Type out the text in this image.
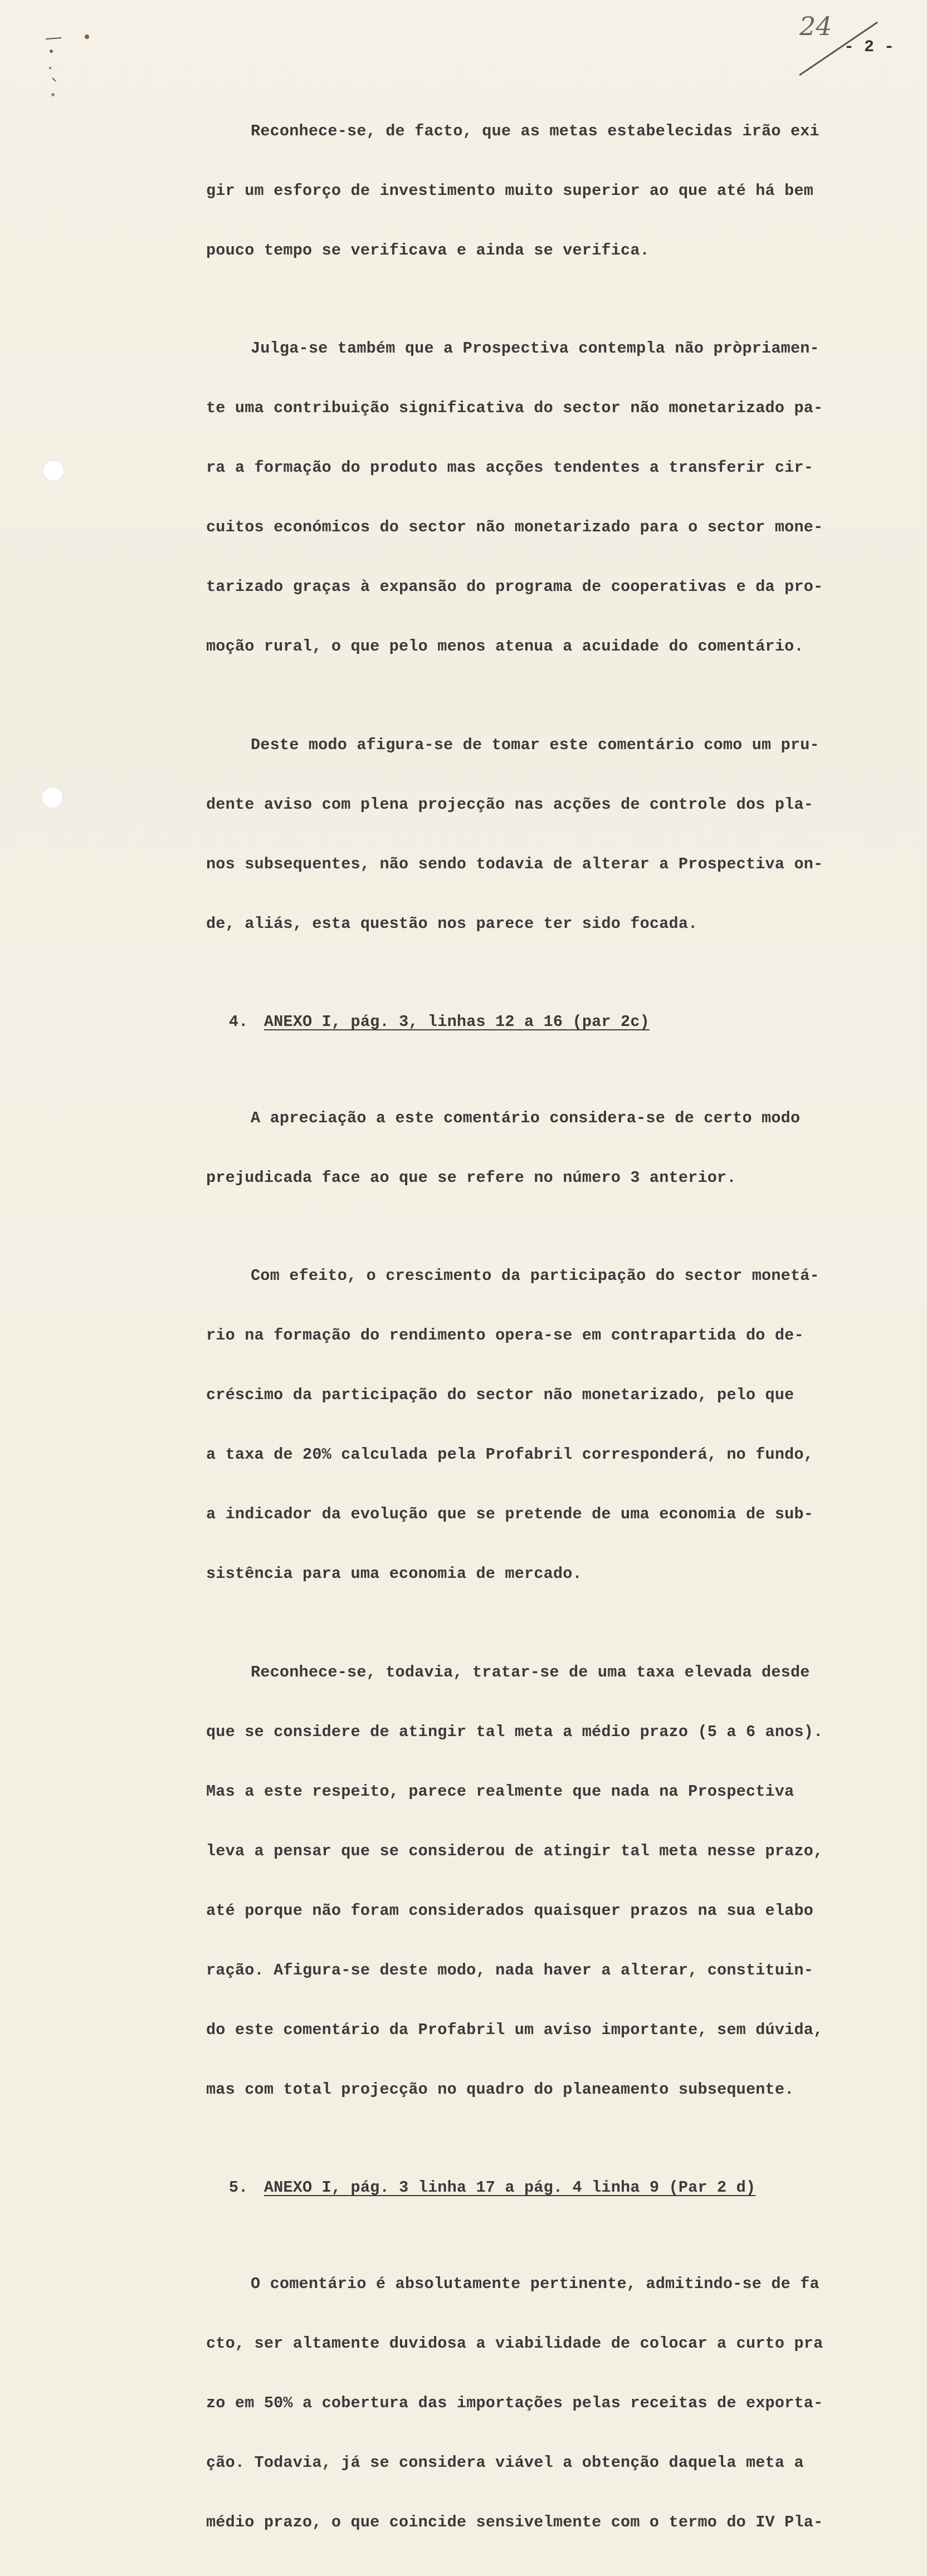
24
- 2 -

Reconhece-se, de facto, que as metas estabelecidas irão exi

gir um esforço de investimento muito superior ao que até há bem

pouco tempo se verificava e ainda se verifica.

Julga-se também que a Prospectiva contempla não pròpriamen-

te uma contribuição significativa do sector não monetarizado pa-

ra a formação do produto mas acções tendentes a transferir cir-

cuitos económicos do sector não monetarizado para o sector mone-

tarizado graças à expansão do programa de cooperativas e da pro-

moção rural, o que pelo menos atenua a acuidade do comentário.

Deste modo afigura-se de tomar este comentário como um pru-

dente aviso com plena projecção nas acções de controle dos pla-

nos subsequentes, não sendo todavia de alterar a Prospectiva on-

de, aliás, esta questão nos parece ter sido focada.

4. ANEXO I, pág. 3, linhas 12 a 16 (par 2c)

A apreciação a este comentário considera-se de certo modo

prejudicada face ao que se refere no número 3 anterior.

Com efeito, o crescimento da participação do sector monetá-

rio na formação do rendimento opera-se em contrapartida do de-

créscimo da participação do sector não monetarizado, pelo que

a taxa de 20% calculada pela Profabril corresponderá, no fundo,

a indicador da evolução que se pretende de uma economia de sub-

sistência para uma economia de mercado.

Reconhece-se, todavia, tratar-se de uma taxa elevada desde

que se considere de atingir tal meta a médio prazo (5 a 6 anos).

Mas a este respeito, parece realmente que nada na Prospectiva

leva a pensar que se considerou de atingir tal meta nesse prazo,

até porque não foram considerados quaisquer prazos na sua elabo

ração. Afigura-se deste modo, nada haver a alterar, constituin-

do este comentário da Profabril um aviso importante, sem dúvida,

mas com total projecção no quadro do planeamento subsequente.

5. ANEXO I, pág. 3 linha 17 a pág. 4 linha 9 (Par 2 d)

O comentário é absolutamente pertinente, admitindo-se de fa

cto, ser altamente duvidosa a viabilidade de colocar a curto pra

zo em 50% a cobertura das importações pelas receitas de exporta-

ção. Todavia, já se considera viável a obtenção daquela meta a

médio prazo, o que coincide sensivelmente com o termo do IV Pla-
